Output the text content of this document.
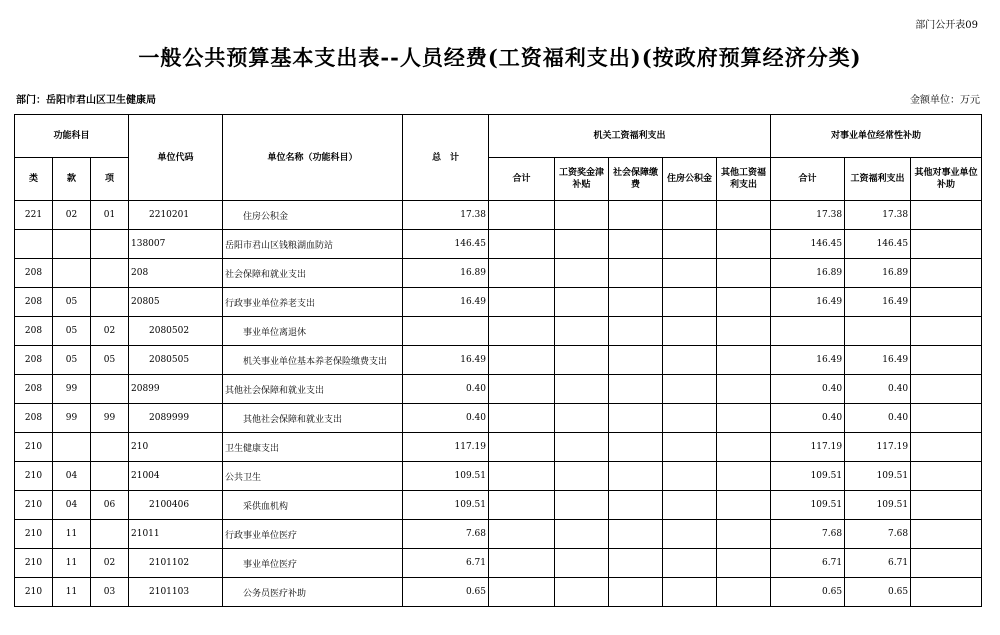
部门公开表09
一般公共预算基本支出表--人员经费(工资福利支出)(按政府预算经济分类)
部门：岳阳市君山区卫生健康局	金额单位：万元
功能科目			单位代码	单位名称（功能科目）	总　计	机关工资福利支出					对事业单位经常性补助		
类	款	项				合计	工资奖金津补贴	社会保障缴费	住房公积金	其他工资福利支出	合计	工资福利支出	其他对事业单位补助
221	02	01	2210201	住房公积金	17.38						17.38	17.38	
			138007	岳阳市君山区钱粮湖血防站	146.45						146.45	146.45	
208			208	社会保障和就业支出	16.89						16.89	16.89	
208	05		20805	行政事业单位养老支出	16.49						16.49	16.49	
208	05	02	2080502	事业单位离退休									
208	05	05	2080505	机关事业单位基本养老保险缴费支出	16.49						16.49	16.49	
208	99		20899	其他社会保障和就业支出	0.40						0.40	0.40	
208	99	99	2089999	其他社会保障和就业支出	0.40						0.40	0.40	
210			210	卫生健康支出	117.19						117.19	117.19	
210	04		21004	公共卫生	109.51						109.51	109.51	
210	04	06	2100406	采供血机构	109.51						109.51	109.51	
210	11		21011	行政事业单位医疗	7.68						7.68	7.68	
210	11	02	2101102	事业单位医疗	6.71						6.71	6.71	
210	11	03	2101103	公务员医疗补助	0.65						0.65	0.65	
